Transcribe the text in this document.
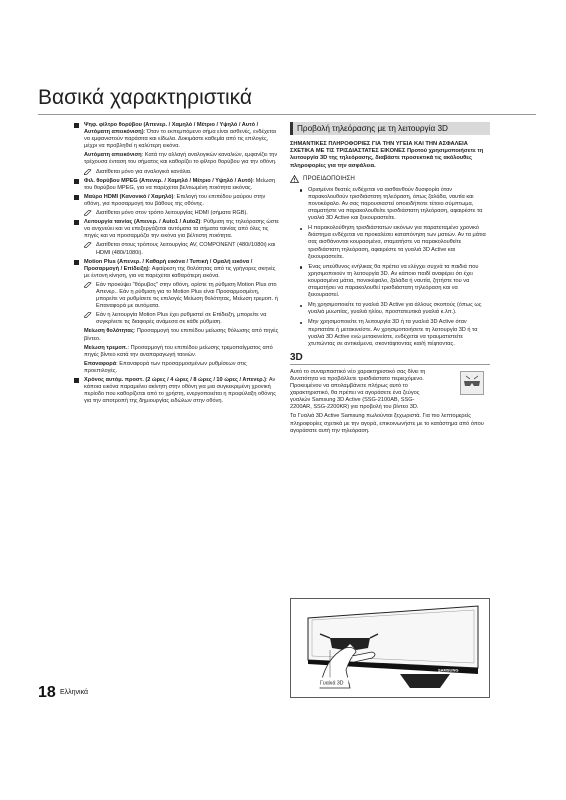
Βασικά χαρακτηριστικά

Ψηφ. φίλτρο θορύβου (Απενερ. / Χαμηλό / Μέτριο / Υψηλό / Αυτό / Αυτόματη απεικόνιση): Όταν το εκπεμπόμενο σήμα είναι ασθενές, ενδέχεται να εμφανιστούν παράσιτα και είδωλα. Δοκιμάστε καθεμία από τις επιλογές, μέχρι να προβληθεί η καλύτερη εικόνα.

Αυτόματη απεικόνιση: Κατά την αλλαγή αναλογικών καναλιών, εμφανίζει την τρέχουσα ένταση του σήματος και καθορίζει το φίλτρο θορύβου για την οθόνη.

Διατίθεται μόνο για αναλογικά κανάλια.

Φιλ. θορύβου MPEG (Απενερ. / Χαμηλό / Μέτριο / Υψηλό / Αυτό): Μείωση του θορύβου MPEG, για να παρέχεται βελτιωμένη ποιότητα εικόνας.

Μαύρο HDMI (Κανονικό / Χαμηλό): Επιλογή του επιπέδου μαύρου στην οθόνη, για προσαρμογή του βάθους της οθόνης.

Διατίθεται μόνο στον τρόπο λειτουργίας HDMI (σήματα RGB).

Λειτουργία ταινίας (Απενερ. / Auto1 / Auto2): Ρύθμιση της τηλεόρασης ώστε να ανιχνεύει και να επεξεργάζεται αυτόματα τα σήματα ταινίας από όλες τις πηγές και να προσαρμόζει την εικόνα για βέλτιστη ποιότητα.

Διατίθεται στους τρόπους λειτουργίας AV, COMPONENT (480i/1080i) και HDMI (480i/1080i).

Motion Plus (Απενερ. / Καθαρή εικόνα / Τυπική / Ομαλή εικόνα / Προσαρμογή / Επίδειξη): Αφαίρεση της θολότητας από τις γρήγορες σκηνές με έντονη κίνηση, για να παρέχεται καθαρότερη εικόνα.

Εάν προκύψει "θόρυβος" στην οθόνη, ορίστε τη ρύθμιση Motion Plus στο Απενερ.. Εάν η ρύθμιση για το Motion Plus είναι Προσαρμοσμένη, μπορείτε να ρυθμίσετε τις επιλογές Μείωση θολότητας, Μείωση τρεμοπ. ή Επαναφορά με αυτόματα.
Εάν η λειτουργία Motion Plus έχει ρυθμιστεί σε Επίδειξη, μπορείτε να συγκρίνετε τις διαφορές ανάμεσα σε κάθε ρύθμιση.

Μείωση θολότητας: Προσαρμογή του επιπέδου μείωσης θόλωσης από πηγές βίντεο.

Μείωση τρεμοπ.: Προσαρμογή του επιπέδου μείωσης τρεμοπαίγματος από πηγές βίντεο κατά την αναπαραγωγή ταινιών.

Επαναφορά: Επαναφορά των προσαρμοσμένων ρυθμίσεων στις προεπιλογές.

Χρόνος αυτόμ. προστ. (2 ώρες / 4 ώρες / 8 ώρες / 10 ώρες / Απενερ.): Αν κάποια εικόνα παραμείνει ακίνητη στην οθόνη για μια συγκεκριμένη χρονική περίοδο που καθορίζεται από το χρήστη, ενεργοποιείται η προφύλαξη οθόνης για την αποτροπή της δημιουργίας ειδώλων στην οθόνη.

Προβολή τηλεόρασης με τη λειτουργία 3D
ΣΗΜΑΝΤΙΚΕΣ ΠΛΗΡΟΦΟΡΙΕΣ ΓΙΑ ΤΗΝ ΥΓΕΙΑ ΚΑΙ ΤΗΝ ΑΣΦΑΛΕΙΑ ΣΧΕΤΙΚΑ ΜΕ ΤΙΣ ΤΡΙΣΔΙΑΣΤΑΤΕΣ ΕΙΚΟΝΕΣ Προτού χρησιμοποιήσετε τη λειτουργία 3D της τηλεόρασης, διαβάστε προσεκτικά τις ακόλουθες πληροφορίες για την ασφάλεια.
ΠΡΟΕΙΔΟΠΟΙΗΣΗ
Ορισμένοι θεατές ενδέχεται να αισθανθούν δυσφορία όταν παρακολουθούν τρισδιάστατη τηλεόραση, όπως ζαλάδα, ναυτία και πονοκέφαλο. Αν σας παρουσιαστεί οποιοδήποτε τέτοιο σύμπτωμα, σταματήστε να παρακολουθείτε τρισδιάστατη τηλεόραση, αφαιρέστε τα γυαλιά 3D Active και ξεκουραστείτε.
Η παρακολούθηση τρισδιάστατων εικόνων για παρατεταμένο χρονικό διάστημα ενδέχεται να προκαλέσει καταπόνηση των ματιών. Αν τα μάτια σας αισθάνονται κουρασμένα, σταματήστε να παρακολουθείτε τρισδιάστατη τηλεόραση, αφαιρέστε τα γυαλιά 3D Active και ξεκουραστείτε.
Ένας υπεύθυνος ενήλικας θα πρέπει να ελέγχει συχνά τα παιδιά που χρησιμοποιούν τη λειτουργία 3D. Αν κάποιο παιδί αναφέρει ότι έχει κουρασμένα μάτια, πονοκέφαλο, ζαλάδα ή ναυτία, ζητήστε του να σταματήσει να παρακολουθεί τρισδιάστατη τηλεόραση και να ξεκουραστεί.
Μη χρησιμοποιείτε τα γυαλιά 3D Active για άλλους σκοπούς (όπως ως γυαλιά μυωπίας, γυαλιά ηλίου, προστατευτικά γυαλιά κ.λπ.).
Μην χρησιμοποιείτε τη λειτουργία 3D ή τα γυαλιά 3D Active όταν περπατάτε ή μετακινείστε. Αν χρησιμοποιήσετε τη λειτουργία 3D ή τα γυαλιά 3D Active ενώ μετακινείστε, ενδέχεται να τραυματιστείτε χτυπώντας σε αντικείμενα, σκοντάφτοντας και/ή πέφτοντας.
3D
Αυτό το συναρπαστικό νέο χαρακτηριστικό σας δίνει τη δυνατότητα να προβάλλετε τρισδιάστατο περιεχόμενο. Προκειμένου να απολαμβάνετε πλήρως αυτό το χαρακτηριστικό, θα πρέπει να αγοράσετε ένα ζεύγος γυαλιών Samsung 3D Active (SSG-2100AB, SSG-2200AR, SSG-2200KR) για προβολή του βίντεο 3D.
Τα Γυαλιά 3D Active Samsung πωλούνται ξεχωριστά. Για πιο λεπτομερείς πληροφορίες σχετικά με την αγορά, επικοινωνήστε με το κατάστημα από όπου αγοράσατε αυτή την τηλεόραση.
SAMSUNG
Γυαλιά 3D
18 Ελληνικά
